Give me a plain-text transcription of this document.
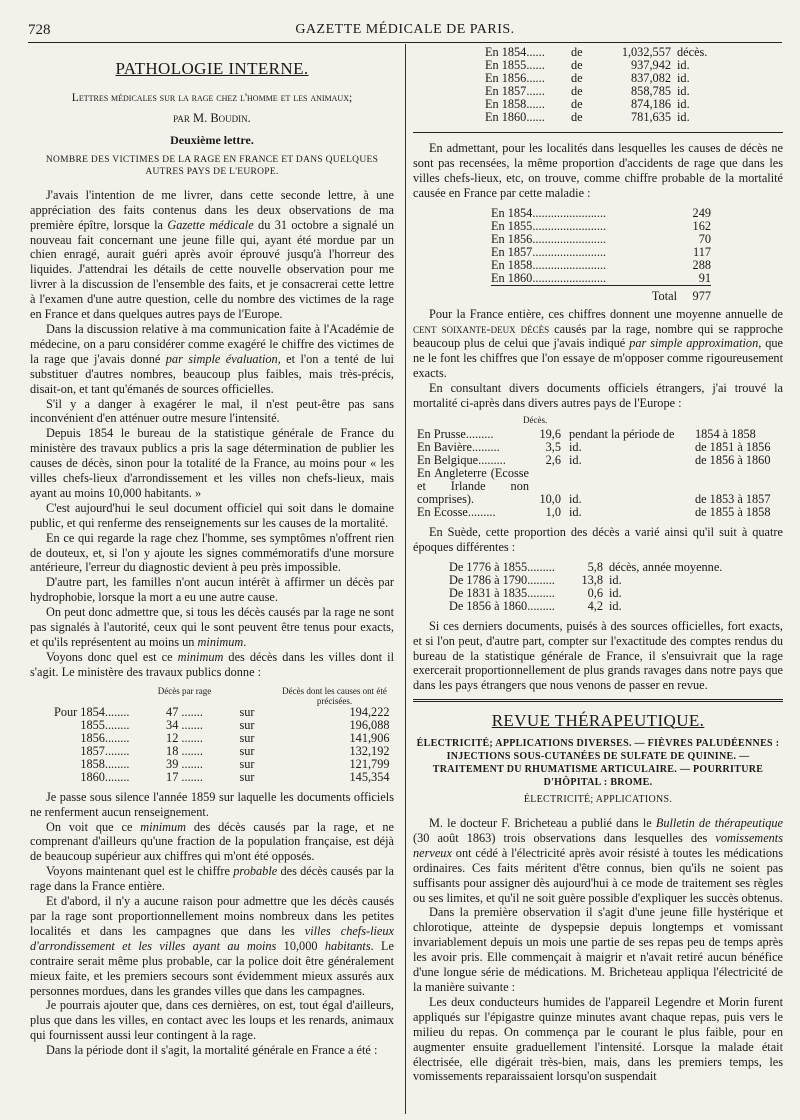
728	GAZETTE MÉDICALE DE PARIS.
PATHOLOGIE INTERNE.

Lettres médicales sur la rage chez l'homme et les animaux;

par M. Boudin.

Deuxième lettre.
NOMBRE DES VICTIMES DE LA RAGE EN FRANCE ET DANS QUELQUES AUTRES PAYS DE L'EUROPE.

J'avais l'intention de me livrer, dans cette seconde lettre, à une appréciation des faits contenus dans les deux observations de ma première épître, lorsque la Gazette médicale du 31 octobre a signalé un nouveau fait concernant une jeune fille qui, ayant été mordue par un chien enragé, aurait guéri après avoir éprouvé jusqu'à l'horreur des liquides. J'attendrai les détails de cette nouvelle observation pour me livrer à la discussion de l'ensemble des faits, et je consacrerai cette lettre à l'examen d'une autre question, celle du nombre des victimes de la rage en France et dans quelques autres pays de l'Europe.

Dans la discussion relative à ma communication faite à l'Académie de médecine, on a paru considérer comme exagéré le chiffre des victimes de la rage que j'avais donné par simple évaluation, et l'on a tenté de lui substituer d'autres nombres, beaucoup plus faibles, mais très-précis, disait-on, et tant qu'émanés de sources officielles.

S'il y a danger à exagérer le mal, il n'est peut-être pas sans inconvénient d'en atténuer outre mesure l'intensité.

Depuis 1854 le bureau de la statistique générale de France du ministère des travaux publics a pris la sage détermination de publier les causes de décès, sinon pour la totalité de la France, au moins pour « les villes chefs-lieux d'arrondissement et les villes non chefs-lieux, mais ayant au moins 10,000 habitants. »

C'est aujourd'hui le seul document officiel qui soit dans le domaine public, et qui renferme des renseignements sur les causes de la mortalité.

En ce qui regarde la rage chez l'homme, ses symptômes n'offrent rien de douteux, et, si l'on y ajoute les signes commémoratifs d'une morsure antérieure, l'erreur du diagnostic devient à peu près impossible.

D'autre part, les familles n'ont aucun intérêt à affirmer un décès par hydrophobie, lorsque la mort a eu une autre cause.

On peut donc admettre que, si tous les décès causés par la rage ne sont pas signalés à l'autorité, ceux qui le sont peuvent être tenus pour exacts, et qu'ils représentent au moins un minimum.

Voyons donc quel est ce minimum des décès dans les villes dont il s'agit. Le ministère des travaux publics donne :

	Décès par rage		Décès dont les causes ont été précisées.
Pour 1854........	47 .......	sur	194,222
1855........	34 .......	sur	196,088
1856........	12 .......	sur	141,906
1857........	18 .......	sur	132,192
1858........	39 .......	sur	121,799
1860........	17 .......	sur	145,354

Je passe sous silence l'année 1859 sur laquelle les documents officiels ne renferment aucun renseignement.

On voit que ce minimum des décès causés par la rage, et ne comprenant d'ailleurs qu'une fraction de la population française, est déjà de beaucoup supérieur aux chiffres qui m'ont été opposés.

Voyons maintenant quel est le chiffre probable des décès causés par la rage dans la France entière.

Et d'abord, il n'y a aucune raison pour admettre que les décès causés par la rage sont proportionnellement moins nombreux dans les petites localités et dans les campagnes que dans les villes chefs-lieux d'arrondissement et les villes ayant au moins 10,000 habitants. Le contraire serait même plus probable, car la police doit être généralement mieux faite, et les premiers secours sont évidemment mieux assurés aux personnes mordues, dans les grandes villes que dans les campagnes.

Je pourrais ajouter que, dans ces dernières, on est, tout égal d'ailleurs, plus que dans les villes, en contact avec les loups et les renards, animaux qui fournissent aussi leur contingent à la rage.

Dans la période dont il s'agit, la mortalité générale en France a été :

En 1854......	de	1,032,557	décès.
En 1855......	de	937,942	id.
En 1856......	de	837,082	id.
En 1857......	de	858,785	id.
En 1858......	de	874,186	id.
En 1860......	de	781,635	id.

En admettant, pour les localités dans lesquelles les causes de décès ne sont pas recensées, la même proportion d'accidents de rage que dans les villes chefs-lieux, etc, on trouve, comme chiffre probable de la mortalité causée en France par cette maladie :

En 1854........................		249
En 1855........................		162
En 1856........................		70
En 1857........................		117
En 1858........................		288
En 1860........................		91

	Total	977

Pour la France entière, ces chiffres donnent une moyenne annuelle de cent soixante-deux décès causés par la rage, nombre qui se rapproche beaucoup plus de celui que j'avais indiqué par simple approximation, que ne le font les chiffres que l'on essaye de m'opposer comme rigoureusement exacts.

En consultant divers documents officiels étrangers, j'ai trouvé la mortalité ci-après dans divers autres pays de l'Europe :

Décès.
En Prusse.........	19,6	pendant la période de	1854 à 1858
En Bavière.........	3,5	id.	de 1851 à 1856
En Belgique.........	2,6	id.	de 1856 à 1860
En Angleterre (Ecosse et Irlande non comprises).	10,0	id.	de 1853 à 1857
En Ecosse.........	1,0	id.	de 1855 à 1858

En Suède, cette proportion des décès a varié ainsi qu'il suit à quatre époques différentes :

De 1776 à 1855.........	5,8	décès, année moyenne.
De 1786 à 1790.........	13,8	id.
De 1831 à 1835.........	0,6	id.
De 1856 à 1860.........	4,2	id.

Si ces derniers documents, puisés à des sources officielles, fort exacts, et si l'on peut, d'autre part, compter sur l'exactitude des comptes rendus du bureau de la statistique générale de France, il s'ensuivrait que la rage exercerait proportionnellement de plus grands ravages dans notre pays que dans les pays étrangers que nous venons de passer en revue.

REVUE THÉRAPEUTIQUE.
ÉLECTRICITÉ; APPLICATIONS DIVERSES. — FIÈVRES PALUDÉENNES : INJECTIONS SOUS-CUTANÉES DE SULFATE DE QUININE. — TRAITEMENT DU RHUMATISME ARTICULAIRE. — POURRITURE D'HÔPITAL : BROME.
ÉLECTRICITÉ; APPLICATIONS.

M. le docteur F. Bricheteau a publié dans le Bulletin de thérapeutique (30 août 1863) trois observations dans lesquelles des vomissements nerveux ont cédé à l'électricité après avoir résisté à toutes les médications ordinaires. Ces faits méritent d'être connus, bien qu'ils ne soient pas suffisants pour assigner dès aujourd'hui à ce mode de traitement ses règles ou ses limites, et qu'il ne soit guère possible d'expliquer les succès obtenus.

Dans la première observation il s'agit d'une jeune fille hystérique et chlorotique, atteinte de dyspepsie depuis longtemps et vomissant invariablement depuis un mois une partie de ses repas peu de temps après les avoir pris. Elle commençait à maigrir et n'avait retiré aucun bénéfice d'une longue série de médications. M. Bricheteau appliqua l'électricité de la manière suivante :

Les deux conducteurs humides de l'appareil Legendre et Morin furent appliqués sur l'épigastre quinze minutes avant chaque repas, puis vers le milieu du repas. On commença par le courant le plus faible, pour en augmenter ensuite graduellement l'intensité. Lorsque la malade était électrisée, elle digérait très-bien, mais, dans les premiers temps, les vomissements reparaissaient lorsqu'on suspendait
